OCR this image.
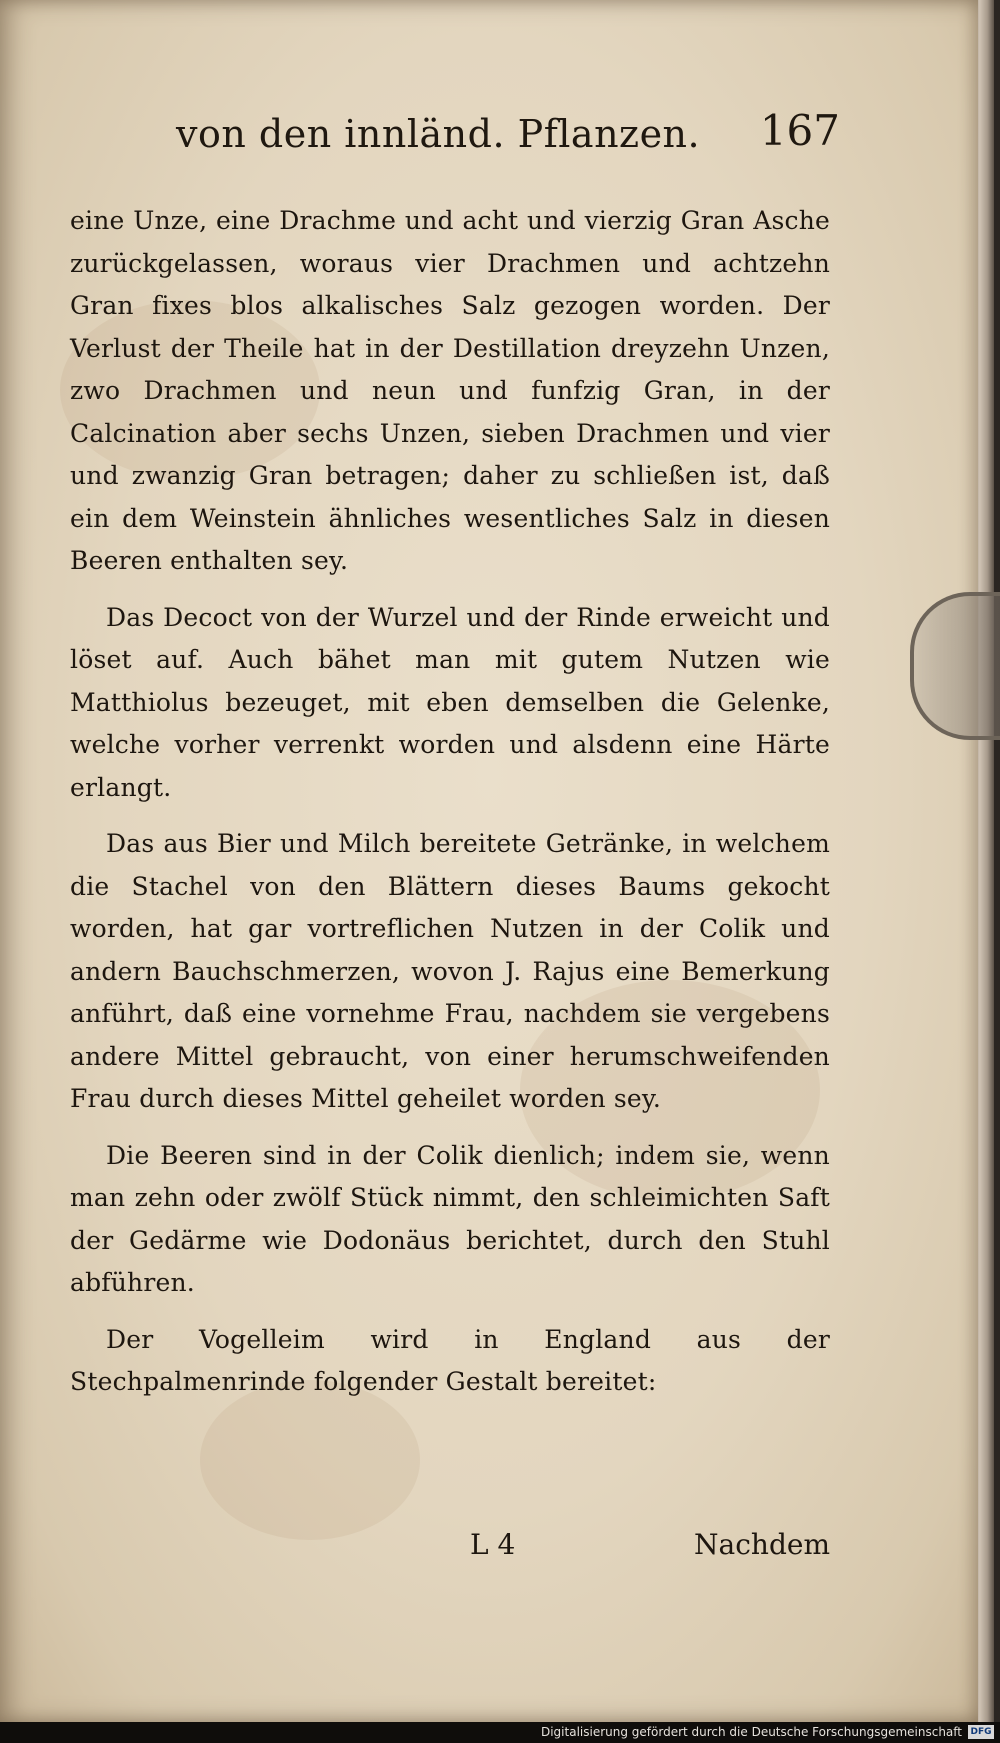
von den innländ. Pflanzen. 167

eine Unze, eine Drachme und acht und vierzig Gran Asche zurückgelassen, woraus vier Drachmen und achtzehn Gran fixes blos alkalisches Salz gezogen worden. Der Verlust der Theile hat in der Destillation dreyzehn Unzen, zwo Drachmen und neun und funfzig Gran, in der Calcination aber sechs Unzen, sieben Drachmen und vier und zwanzig Gran betragen; daher zu schließen ist, daß ein dem Weinstein ähnliches wesentliches Salz in diesen Beeren enthalten sey.

Das Decoct von der Wurzel und der Rinde erweicht und löset auf. Auch bähet man mit gutem Nutzen wie Matthiolus bezeuget, mit eben demselben die Gelenke, welche vorher verrenkt worden und alsdenn eine Härte erlangt.

Das aus Bier und Milch bereitete Getränke, in welchem die Stachel von den Blättern dieses Baums gekocht worden, hat gar vortreflichen Nutzen in der Colik und andern Bauchschmerzen, wovon J. Rajus eine Bemerkung anführt, daß eine vornehme Frau, nachdem sie vergebens andere Mittel gebraucht, von einer herumschweifenden Frau durch dieses Mittel geheilet worden sey.

Die Beeren sind in der Colik dienlich; indem sie, wenn man zehn oder zwölf Stück nimmt, den schleimichten Saft der Gedärme wie Dodonäus berichtet, durch den Stuhl abführen.

Der Vogelleim wird in England aus der Stechpalmenrinde folgender Gestalt bereitet:

L 4	Nachdem
Digitalisierung gefördert durch die Deutsche Forschungsgemeinschaft DFG
